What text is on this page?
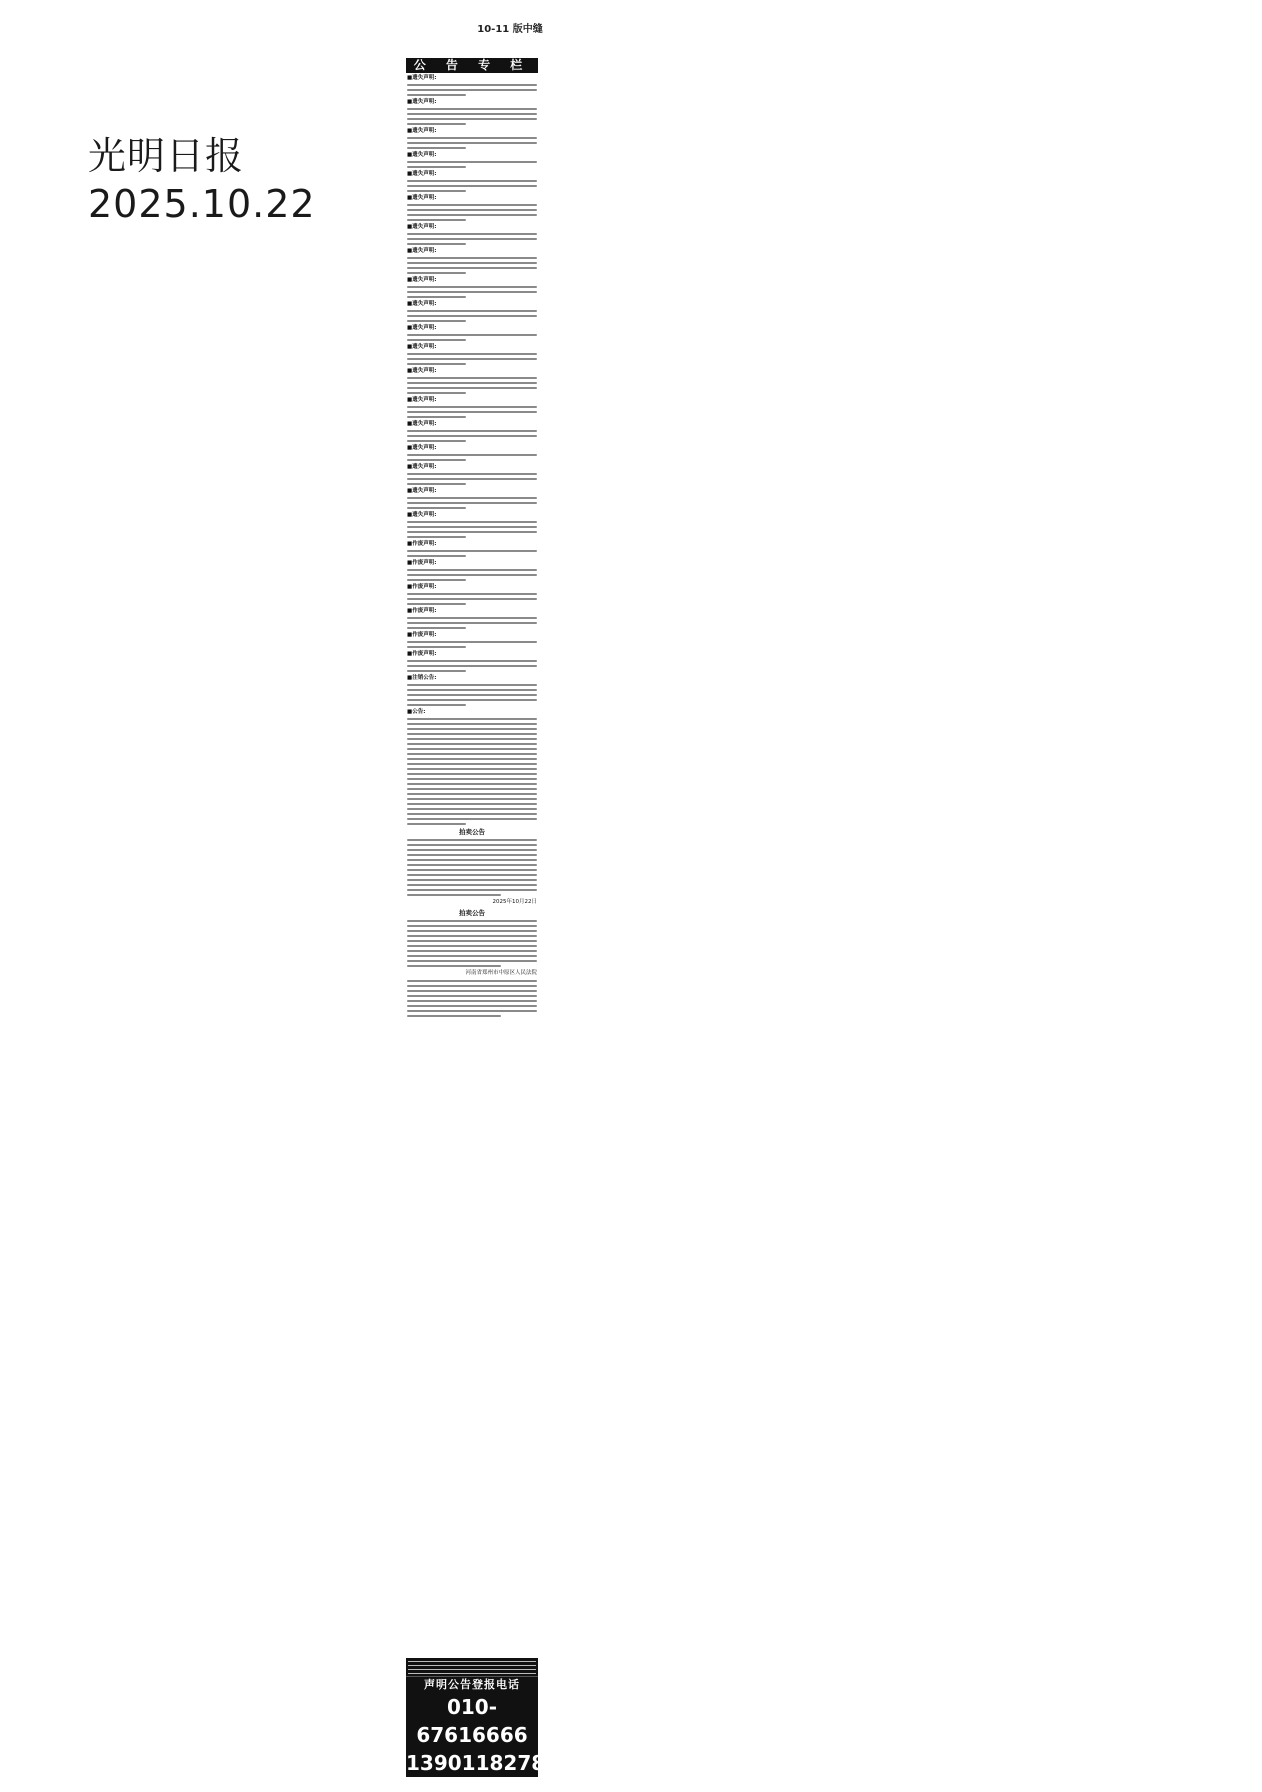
10-11 版中缝
光明日报
2025.10.22
公 告 专 栏
■遗失声明:
■遗失声明:
■遗失声明:
■遗失声明:
■遗失声明:
■遗失声明:
■遗失声明:
■遗失声明:
■遗失声明:
■遗失声明:
■遗失声明:
■遗失声明:
■遗失声明:
■遗失声明:
■遗失声明:
■遗失声明:
■遗失声明:
■遗失声明:
■遗失声明:
■作废声明:
■作废声明:
■作废声明:
■作废声明:
■作废声明:
■作废声明:
■注销公告:
■公告:
拍卖公告
2025年10月22日
拍卖公告
河南省郑州市中原区人民法院
声明公告登报电话
010-67616666
13901182789
